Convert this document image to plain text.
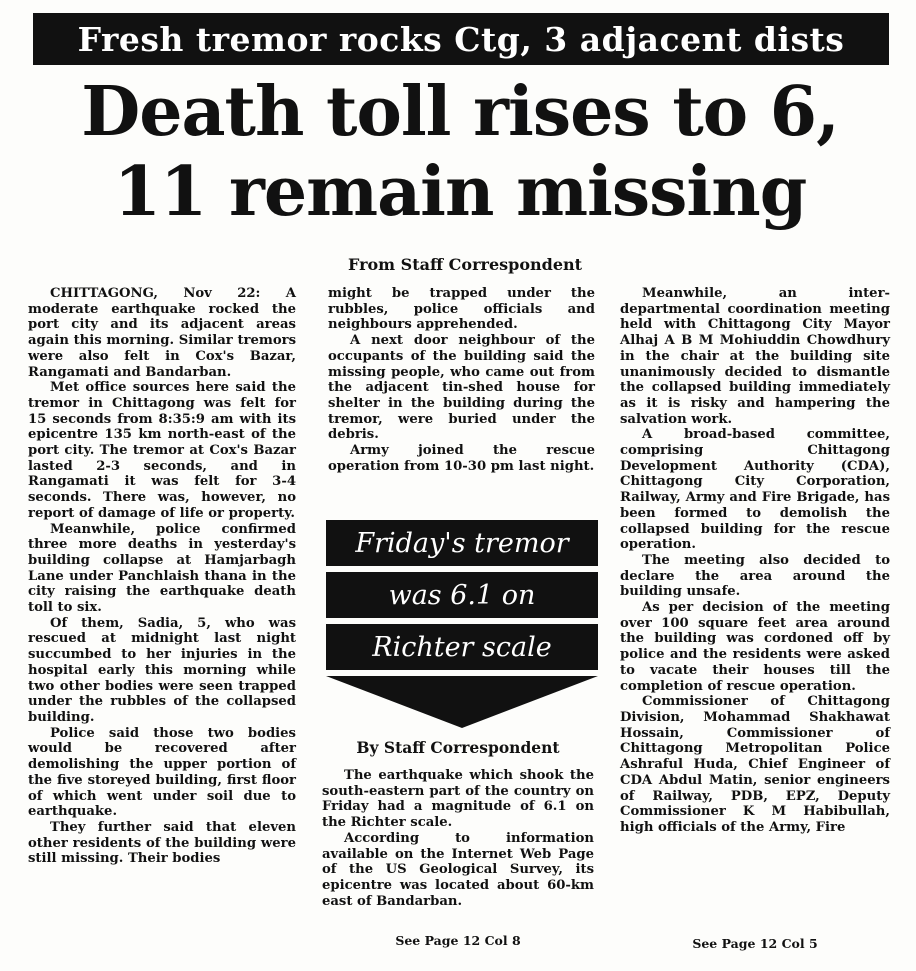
Fresh tremor rocks Ctg, 3 adjacent dists
Death toll rises to 6,
11 remain missing
From Staff Correspondent

CHITTAGONG, Nov 22: A moderate earthquake rocked the port city and its adjacent areas again this morning. Similar tremors were also felt in Cox's Bazar, Rangamati and Bandarban.

Met office sources here said the tremor in Chittagong was felt for 15 seconds from 8:35:9 am with its epicentre 135 km north-east of the port city. The tremor at Cox's Bazar lasted 2-3 seconds, and in Rangamati it was felt for 3-4 seconds. There was, however, no report of damage of life or property.

Meanwhile, police confirmed three more deaths in yesterday's building collapse at Hamjarbagh Lane under Panchlaish thana in the city raising the earthquake death toll to six.

Of them, Sadia, 5, who was rescued at midnight last night succumbed to her injuries in the hospital early this morning while two other bodies were seen trapped under the rubbles of the collapsed building.

Police said those two bodies would be recovered after demolishing the upper portion of the five storeyed building, first floor of which went under soil due to earthquake.

They further said that eleven other residents of the building were still missing. Their bodies

might be trapped under the rubbles, police officials and neighbours apprehended.

A next door neighbour of the occupants of the building said the missing people, who came out from the adjacent tin-shed house for shelter in the building during the tremor, were buried under the debris.

Army joined the rescue operation from 10-30 pm last night.

Friday's tremor
was 6.1 on
Richter scale
By Staff Correspondent

The earthquake which shook the south-eastern part of the country on Friday had a magnitude of 6.1 on the Richter scale.

According to information available on the Internet Web Page of the US Geological Survey, its epicentre was located about 60-km east of Bandarban.

See Page 12 Col 8

Meanwhile, an inter-departmental coordination meeting held with Chittagong City Mayor Alhaj A B M Mohiuddin Chowdhury in the chair at the building site unanimously decided to dismantle the collapsed building immediately as it is risky and hampering the salvation work.

A broad-based committee, comprising Chittagong Development Authority (CDA), Chittagong City Corporation, Railway, Army and Fire Brigade, has been formed to demolish the collapsed building for the rescue operation.

The meeting also decided to declare the area around the building unsafe.

As per decision of the meeting over 100 square feet area around the building was cordoned off by police and the residents were asked to vacate their houses till the completion of rescue operation.

Commissioner of Chittagong Division, Mohammad Shakhawat Hossain, Commissioner of Chittagong Metropolitan Police Ashraful Huda, Chief Engineer of CDA Abdul Matin, senior engineers of Railway, PDB, EPZ, Deputy Commissioner K M Habibullah, high officials of the Army, Fire

See Page 12 Col 5
